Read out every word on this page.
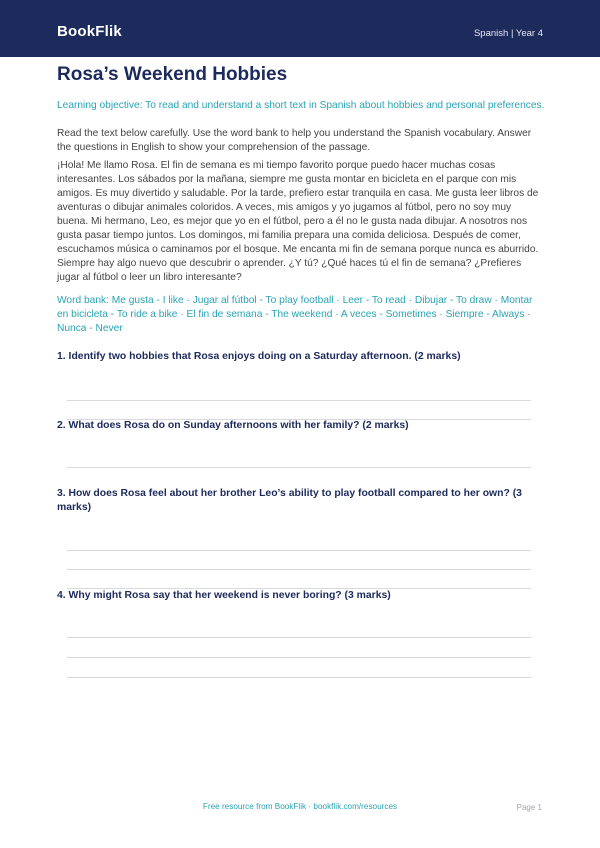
BookFlik	Spanish | Year 4
Rosa’s Weekend Hobbies
Learning objective: To read and understand a short text in Spanish about hobbies and personal preferences.

Read the text below carefully. Use the word bank to help you understand the Spanish vocabulary. Answer the questions in English to show your comprehension of the passage.

¡Hola! Me llamo Rosa. El fin de semana es mi tiempo favorito porque puedo hacer muchas cosas interesantes. Los sábados por la mañana, siempre me gusta montar en bicicleta en el parque con mis amigos. Es muy divertido y saludable. Por la tarde, prefiero estar tranquila en casa. Me gusta leer libros de aventuras o dibujar animales coloridos. A veces, mis amigos y yo jugamos al fútbol, pero no soy muy buena. Mi hermano, Leo, es mejor que yo en el fútbol, pero a él no le gusta nada dibujar. A nosotros nos gusta pasar tiempo juntos. Los domingos, mi familia prepara una comida deliciosa. Después de comer, escuchamos música o caminamos por el bosque. Me encanta mi fin de semana porque nunca es aburrido. Siempre hay algo nuevo que descubrir o aprender. ¿Y tú? ¿Qué haces tú el fin de semana? ¿Prefieres jugar al fútbol o leer un libro interesante?

Word bank: Me gusta - I like · Jugar al fútbol - To play football · Leer - To read · Dibujar - To draw · Montar en bicicleta - To ride a bike · El fin de semana - The weekend · A veces - Sometimes · Siempre - Always · Nunca - Never

1. Identify two hobbies that Rosa enjoys doing on a Saturday afternoon. (2 marks)
2. What does Rosa do on Sunday afternoons with her family? (2 marks)
3. How does Rosa feel about her brother Leo’s ability to play football compared to her own? (3 marks)
4. Why might Rosa say that her weekend is never boring? (3 marks)
Free resource from BookFlik · bookflik.com/resources	Page 1
